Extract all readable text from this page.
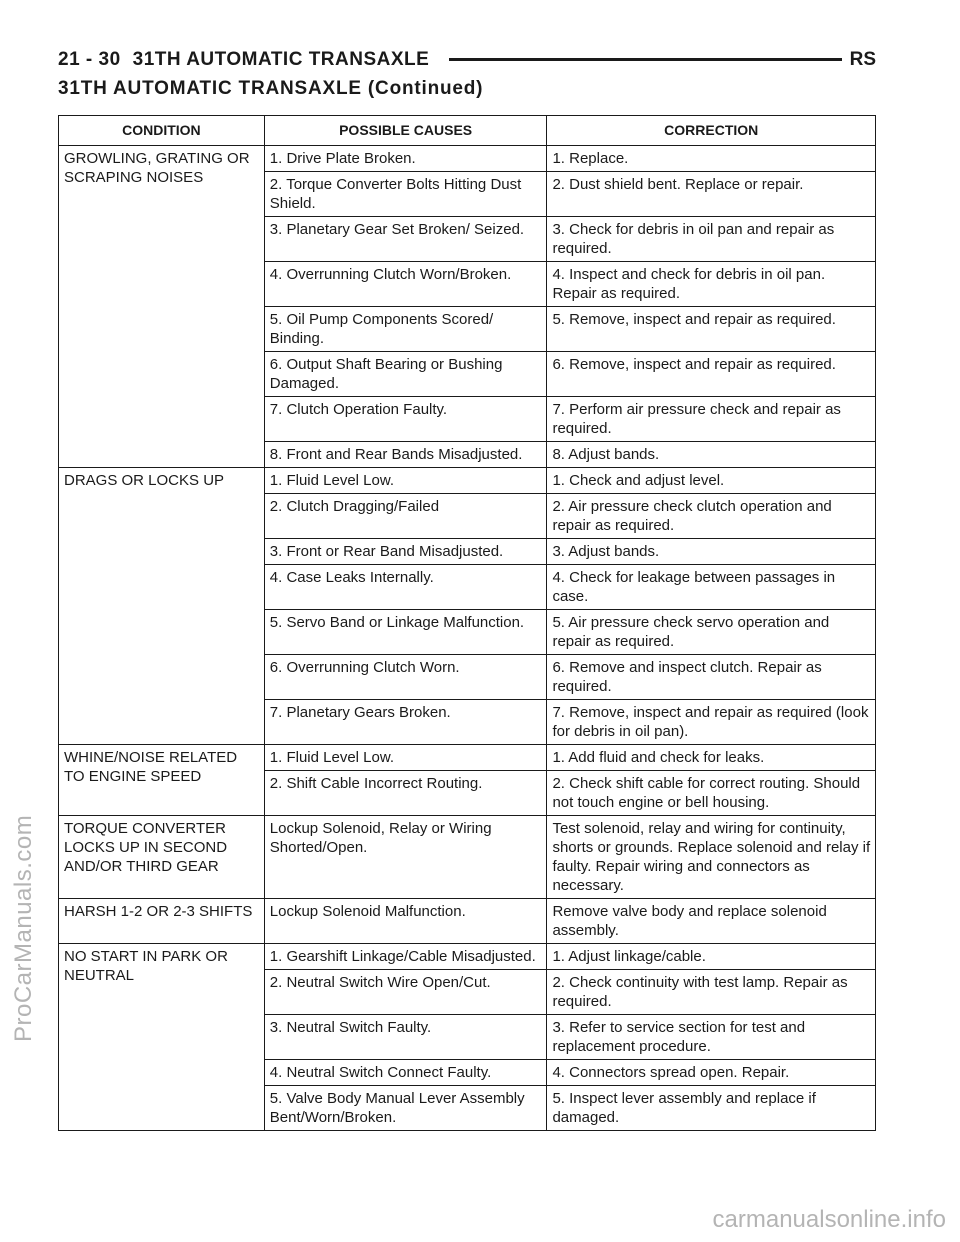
21 - 30 31TH AUTOMATIC TRANSAXLE	RS
31TH AUTOMATIC TRANSAXLE (Continued)
CONDITION	POSSIBLE CAUSES	CORRECTION
GROWLING, GRATING OR SCRAPING NOISES	1. Drive Plate Broken.	1. Replace.
	2. Torque Converter Bolts Hitting Dust Shield.	2. Dust shield bent. Replace or repair.
	3. Planetary Gear Set Broken/ Seized.	3. Check for debris in oil pan and repair as required.
	4. Overrunning Clutch Worn/Broken.	4. Inspect and check for debris in oil pan. Repair as required.
	5. Oil Pump Components Scored/ Binding.	5. Remove, inspect and repair as required.
	6. Output Shaft Bearing or Bushing Damaged.	6. Remove, inspect and repair as required.
	7. Clutch Operation Faulty.	7. Perform air pressure check and repair as required.
	8. Front and Rear Bands Misadjusted.	8. Adjust bands.
DRAGS OR LOCKS UP	1. Fluid Level Low.	1. Check and adjust level.
	2. Clutch Dragging/Failed	2. Air pressure check clutch operation and repair as required.
	3. Front or Rear Band Misadjusted.	3. Adjust bands.
	4. Case Leaks Internally.	4. Check for leakage between passages in case.
	5. Servo Band or Linkage Malfunction.	5. Air pressure check servo operation and repair as required.
	6. Overrunning Clutch Worn.	6. Remove and inspect clutch. Repair as required.
	7. Planetary Gears Broken.	7. Remove, inspect and repair as required (look for debris in oil pan).
WHINE/NOISE RELATED TO ENGINE SPEED	1. Fluid Level Low.	1. Add fluid and check for leaks.
	2. Shift Cable Incorrect Routing.	2. Check shift cable for correct routing. Should not touch engine or bell housing.
TORQUE CONVERTER LOCKS UP IN SECOND AND/OR THIRD GEAR	Lockup Solenoid, Relay or Wiring Shorted/Open.	Test solenoid, relay and wiring for continuity, shorts or grounds. Replace solenoid and relay if faulty. Repair wiring and connectors as necessary.
HARSH 1-2 OR 2-3 SHIFTS	Lockup Solenoid Malfunction.	Remove valve body and replace solenoid assembly.
NO START IN PARK OR NEUTRAL	1. Gearshift Linkage/Cable Misadjusted.	1. Adjust linkage/cable.
	2. Neutral Switch Wire Open/Cut.	2. Check continuity with test lamp. Repair as required.
	3. Neutral Switch Faulty.	3. Refer to service section for test and replacement procedure.
	4. Neutral Switch Connect Faulty.	4. Connectors spread open. Repair.
	5. Valve Body Manual Lever Assembly Bent/Worn/Broken.	5. Inspect lever assembly and replace if damaged.
ProCarManuals.com
carmanualsonline.info
